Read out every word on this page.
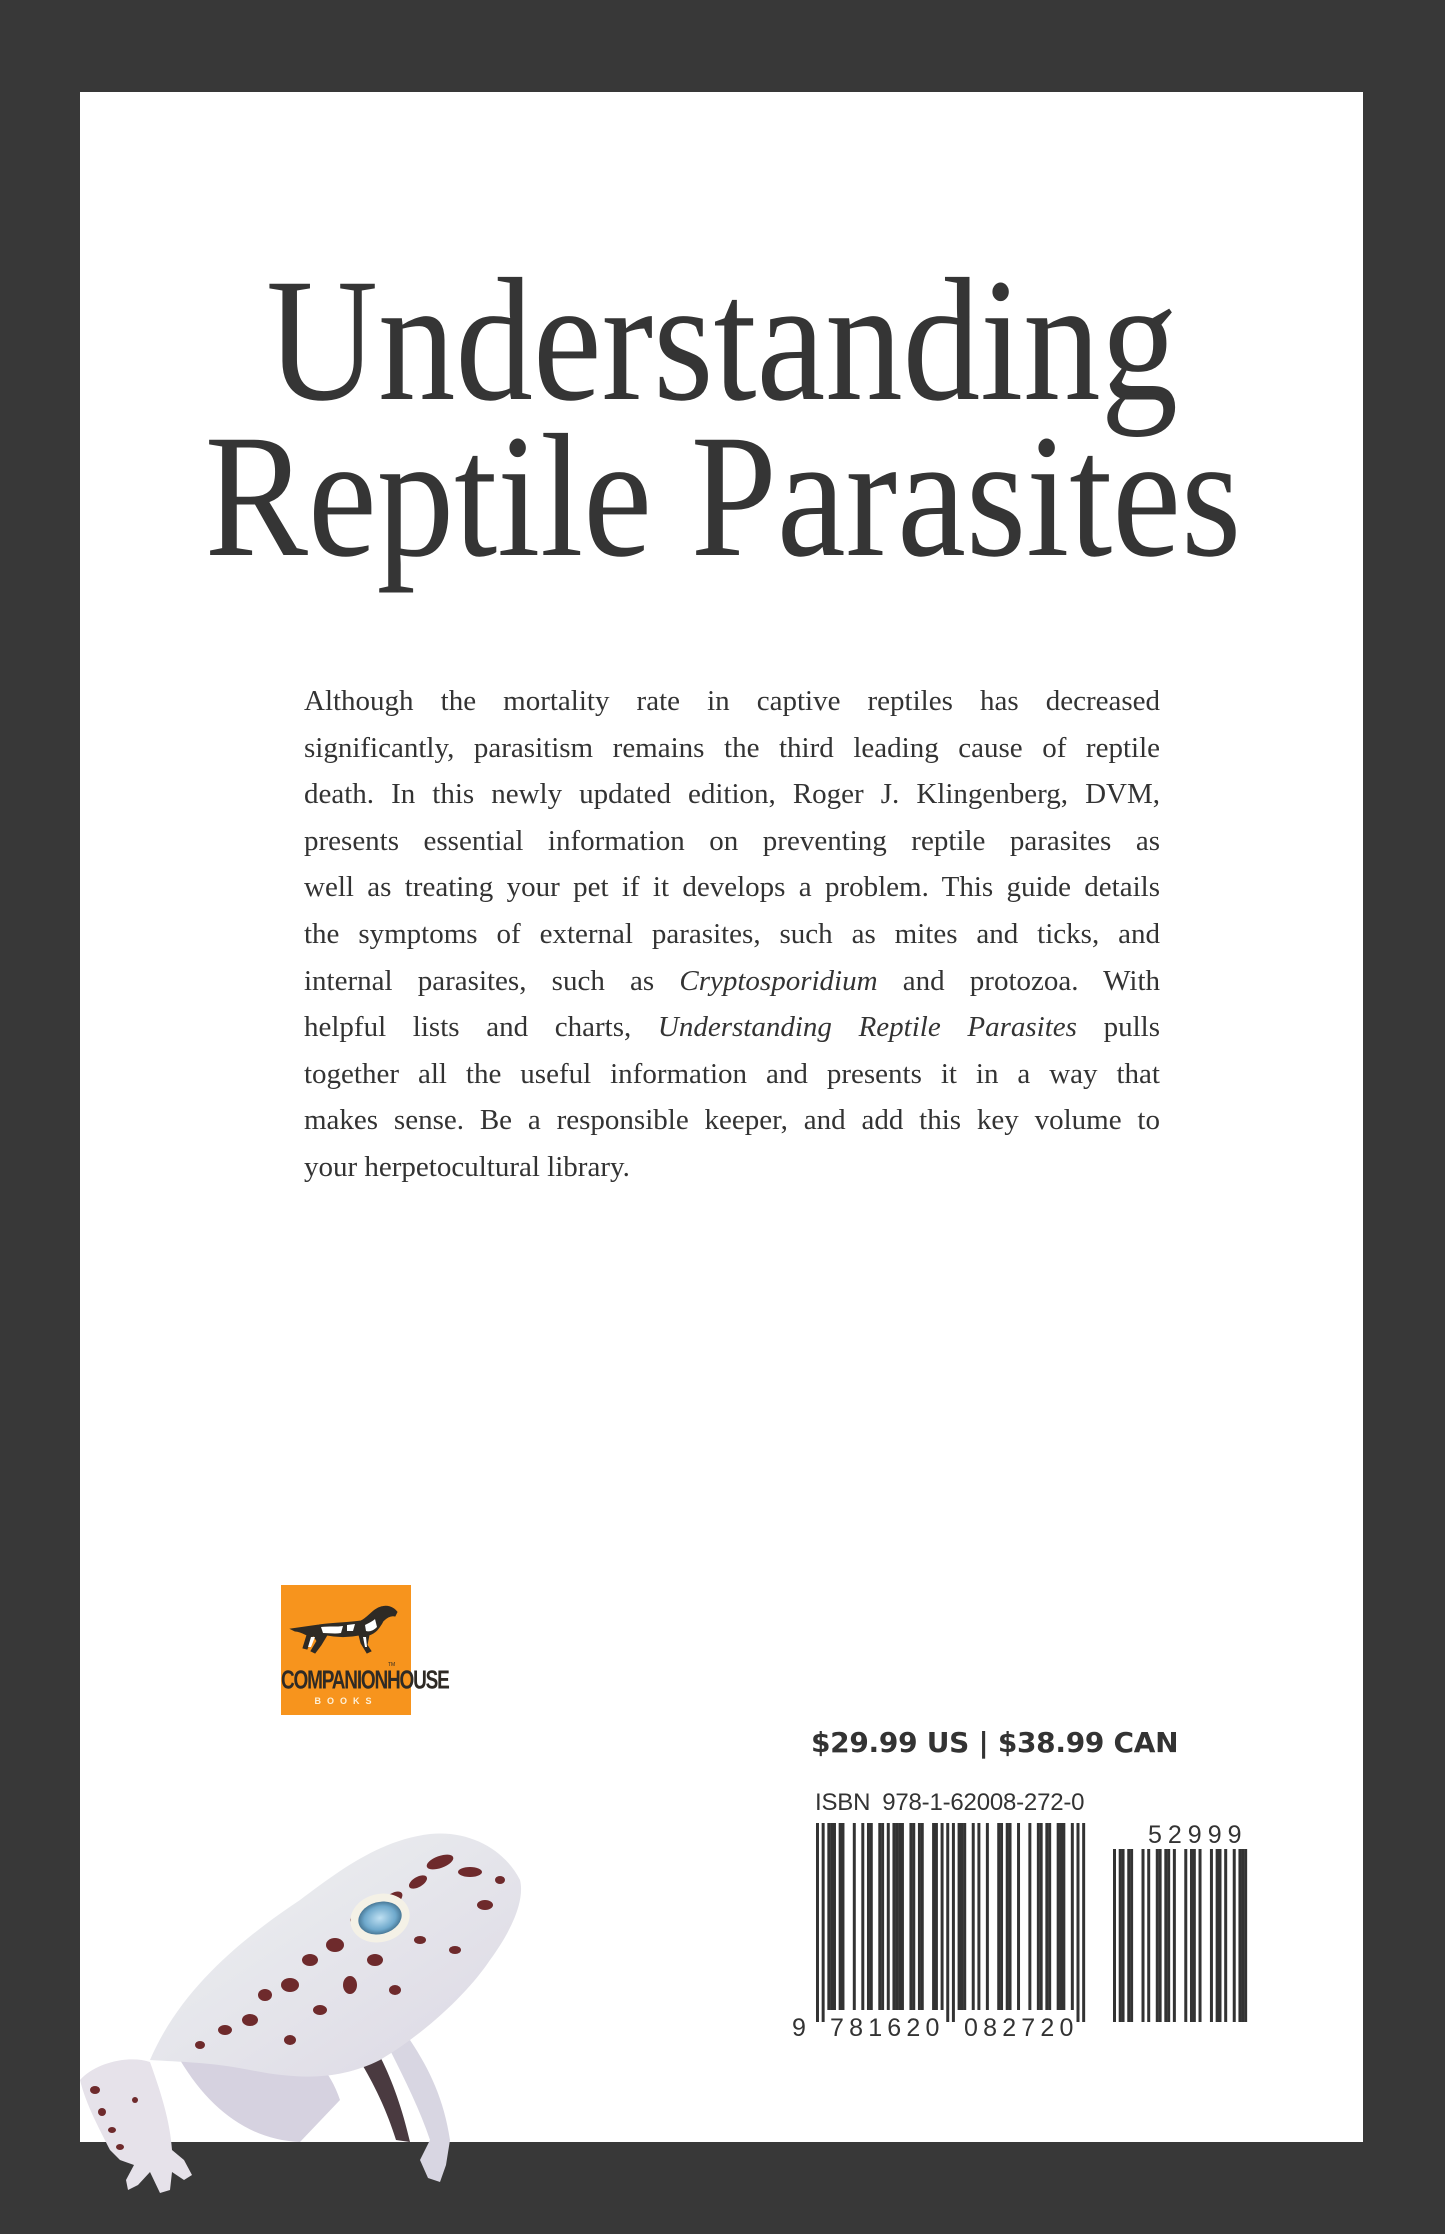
Understanding
Reptile Parasites
Although the mortality rate in captive reptiles has decreased
significantly, parasitism remains the third leading cause of reptile
death. In this newly updated edition, Roger J. Klingenberg, DVM,
presents essential information on preventing reptile parasites as
well as treating your pet if it develops a problem. This guide details
the symptoms of external parasites, such as mites and ticks, and
internal parasites, such as Cryptosporidium and protozoa. With
helpful lists and charts, Understanding Reptile Parasites pulls
together all the useful information and presents it in a way that
makes sense. Be a responsible keeper, and add this key volume to
your herpetocultural library.
COMPANIONHOUSE
TM
BOOKS
$29.99 US | $38.99 CAN
ISBN 978-1-62008-272-0
9 781620 082720
52999
